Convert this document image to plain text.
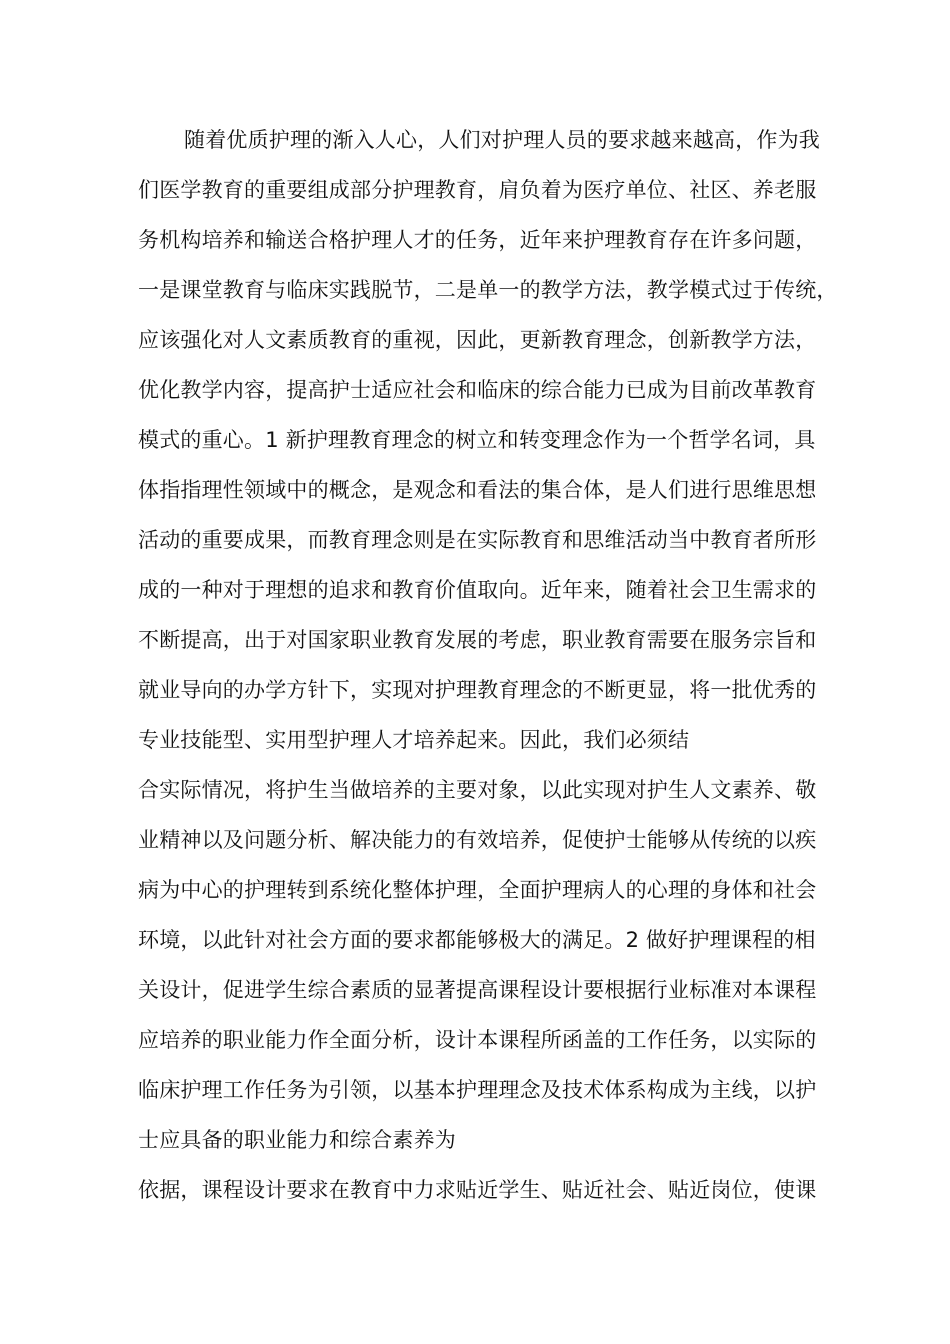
随着优质护理的渐入人心，人们对护理人员的要求越来越高，作为我
们医学教育的重要组成部分护理教育，肩负着为医疗单位、社区、养老服
务机构培养和输送合格护理人才的任务，近年来护理教育存在许多问题，
一是课堂教育与临床实践脱节，二是单一的教学方法，教学模式过于传统，
应该强化对人文素质教育的重视，因此，更新教育理念，创新教学方法，
优化教学内容，提高护士适应社会和临床的综合能力已成为目前改革教育
模式的重心。1 新护理教育理念的树立和转变理念作为一个哲学名词，具
体指指理性领域中的概念，是观念和看法的集合体，是人们进行思维思想
活动的重要成果，而教育理念则是在实际教育和思维活动当中教育者所形
成的一种对于理想的追求和教育价值取向。近年来，随着社会卫生需求的
不断提高，出于对国家职业教育发展的考虑，职业教育需要在服务宗旨和
就业导向的办学方针下，实现对护理教育理念的不断更显，将一批优秀的
专业技能型、实用型护理人才培养起来。因此，我们必须结
合实际情况，将护生当做培养的主要对象，以此实现对护生人文素养、敬
业精神以及问题分析、解决能力的有效培养，促使护士能够从传统的以疾
病为中心的护理转到系统化整体护理，全面护理病人的心理的身体和社会
环境，以此针对社会方面的要求都能够极大的满足。2 做好护理课程的相
关设计，促进学生综合素质的显著提高课程设计要根据行业标准对本课程
应培养的职业能力作全面分析，设计本课程所函盖的工作任务，以实际的
临床护理工作任务为引领，以基本护理理念及技术体系构成为主线，以护
士应具备的职业能力和综合素养为
依据，课程设计要求在教育中力求贴近学生、贴近社会、贴近岗位，使课
